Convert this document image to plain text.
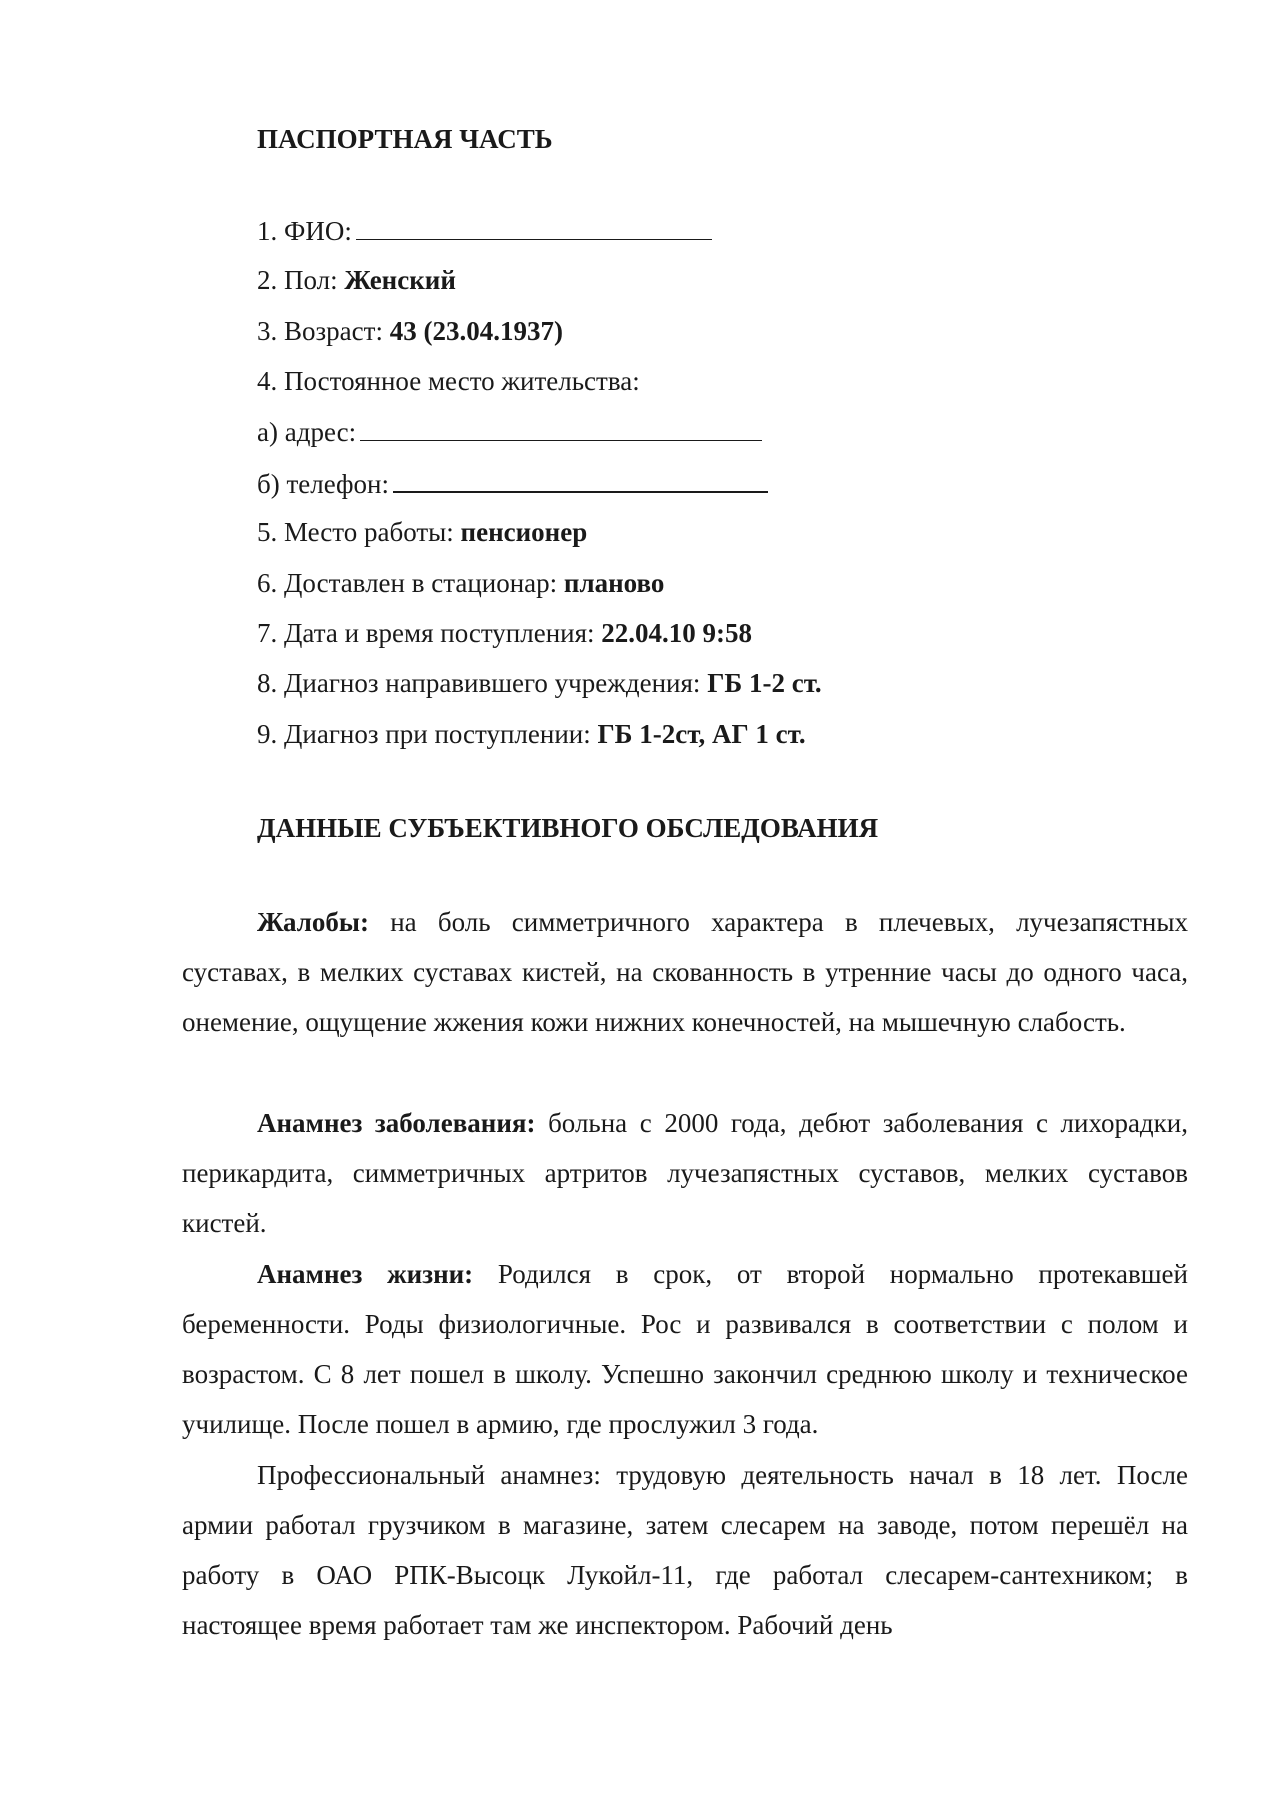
ПАСПОРТНАЯ ЧАСТЬ
1. ФИО:
2. Пол: Женский
3. Возраст: 43 (23.04.1937)
4. Постоянное место жительства:
а) адрес:
б) телефон:
5. Место работы: пенсионер
6. Доставлен в стационар: планово
7. Дата и время поступления: 22.04.10 9:58
8. Диагноз направившего учреждения: ГБ 1-2 ст.
9. Диагноз при поступлении: ГБ 1-2ст, АГ 1 ст.
ДАННЫЕ СУБЪЕКТИВНОГО ОБСЛЕДОВАНИЯ

Жалобы: на боль симметричного характера в плечевых, лучезапястных суставах, в мелких суставах кистей, на скованность в утренние часы до одного часа, онемение, ощущение жжения кожи нижних конечностей, на мышечную слабость.

Анамнез заболевания: больна с 2000 года, дебют заболевания с лихорадки, перикардита, симметричных артритов лучезапястных суставов, мелких суставов кистей.

Анамнез жизни: Родился в срок, от второй нормально протекавшей беременности. Роды физиологичные. Рос и развивался в соответствии с полом и возрастом. С 8 лет пошел в школу. Успешно закончил среднюю школу и техническое училище. После пошел в армию, где прослужил 3 года.

Профессиональный анамнез: трудовую деятельность начал в 18 лет. После армии работал грузчиком в магазине, затем слесарем на заводе, потом перешёл на работу в ОАО РПК-Высоцк Лукойл-11, где работал слесарем-сантехником; в настоящее время работает там же инспектором. Рабочий день
